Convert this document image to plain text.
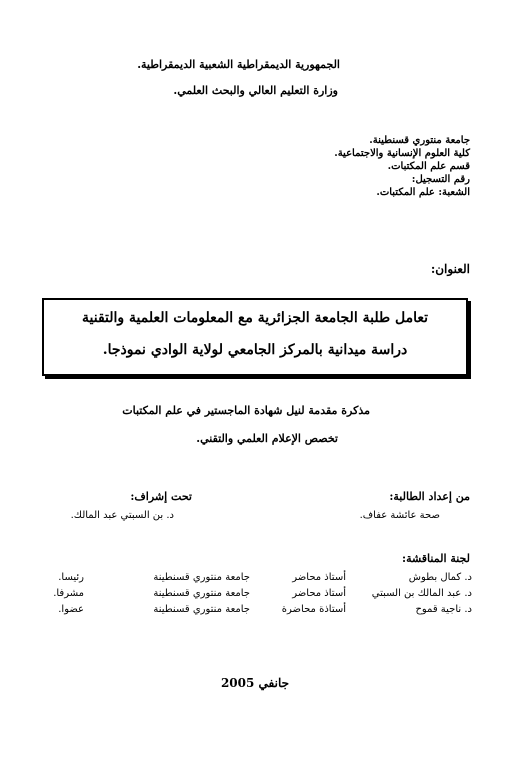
الجمهورية الديمقراطية الشعبية الديمقراطية.
وزارة التعليم العالي والبحث العلمي.
جامعة منتوري قسنطينة.
كلية العلوم الإنسانية والاجتماعية.
قسم علم المكتبات.
رقم التسجيل:
الشعبة: علم المكتبات.
العنوان:
تعامل طلبة الجامعة الجزائرية مع المعلومات العلمية والتقنية
دراسة ميدانية بالمركز الجامعي لولاية الوادي نموذجا.
مذكرة مقدمة لنيل شهادة الماجستير في علم المكتبات
تخصص الإعلام العلمي والتقني.
من إعداد الطالبة:
صحة عائشة عفاف.
تحت إشراف:
د. بن السبتي عبد المالك.
لجنة المناقشة:
د. كمال بطوش
أستاذ محاضر
جامعة منتوري قسنطينة
رئيسا.
د. عبد المالك بن السبتي
أستاذ محاضر
جامعة منتوري قسنطينة
مشرفا.
د. ناجية قموح
أستاذة محاضرة
جامعة منتوري قسنطينة
عضوا.
جانفي 2005
